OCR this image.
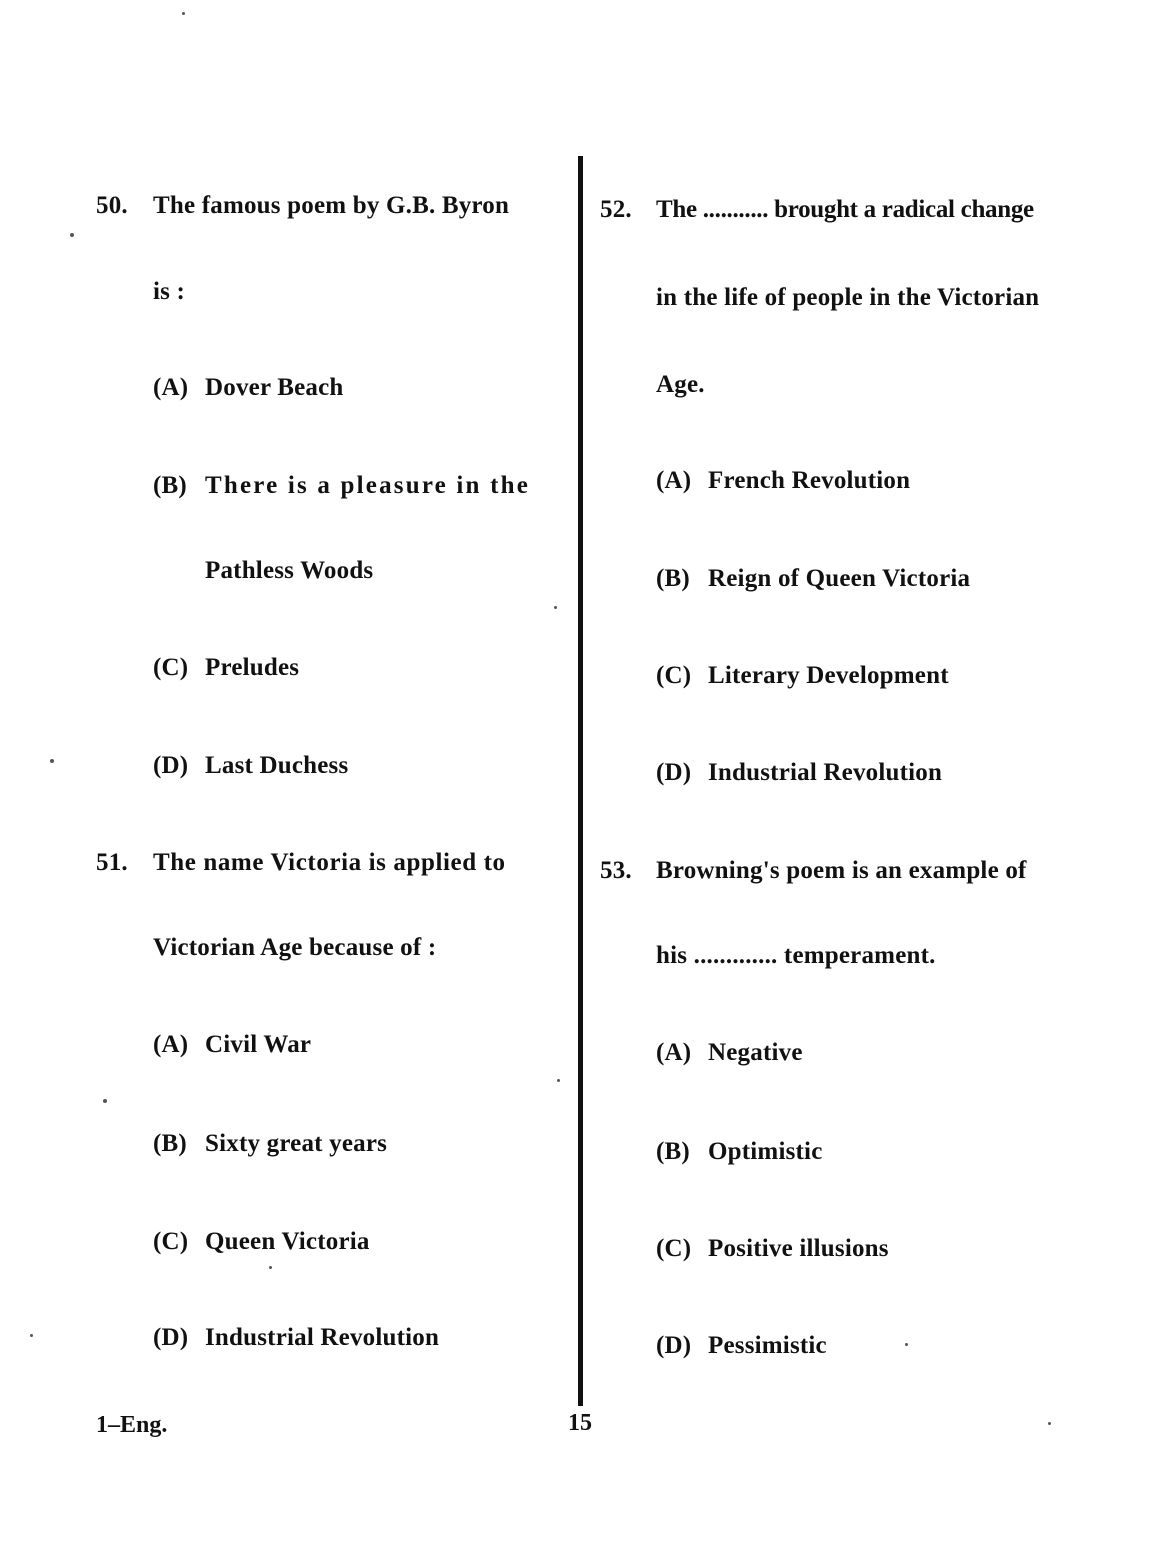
50. The famous poem by G.B. Byron
is :
(A) Dover Beach
(B) There is a pleasure in the
Pathless Woods
(C) Preludes
(D) Last Duchess
51. The name Victoria is applied to
Victorian Age because of :
(A) Civil War
(B) Sixty great years
(C) Queen Victoria
(D) Industrial Revolution
52. The ........... brought a radical change
in the life of people in the Victorian
Age.
(A) French Revolution
(B) Reign of Queen Victoria
(C) Literary Development
(D) Industrial Revolution
53. Browning's poem is an example of
his ............. temperament.
(A) Negative
(B) Optimistic
(C) Positive illusions
(D) Pessimistic
1–Eng.	15
